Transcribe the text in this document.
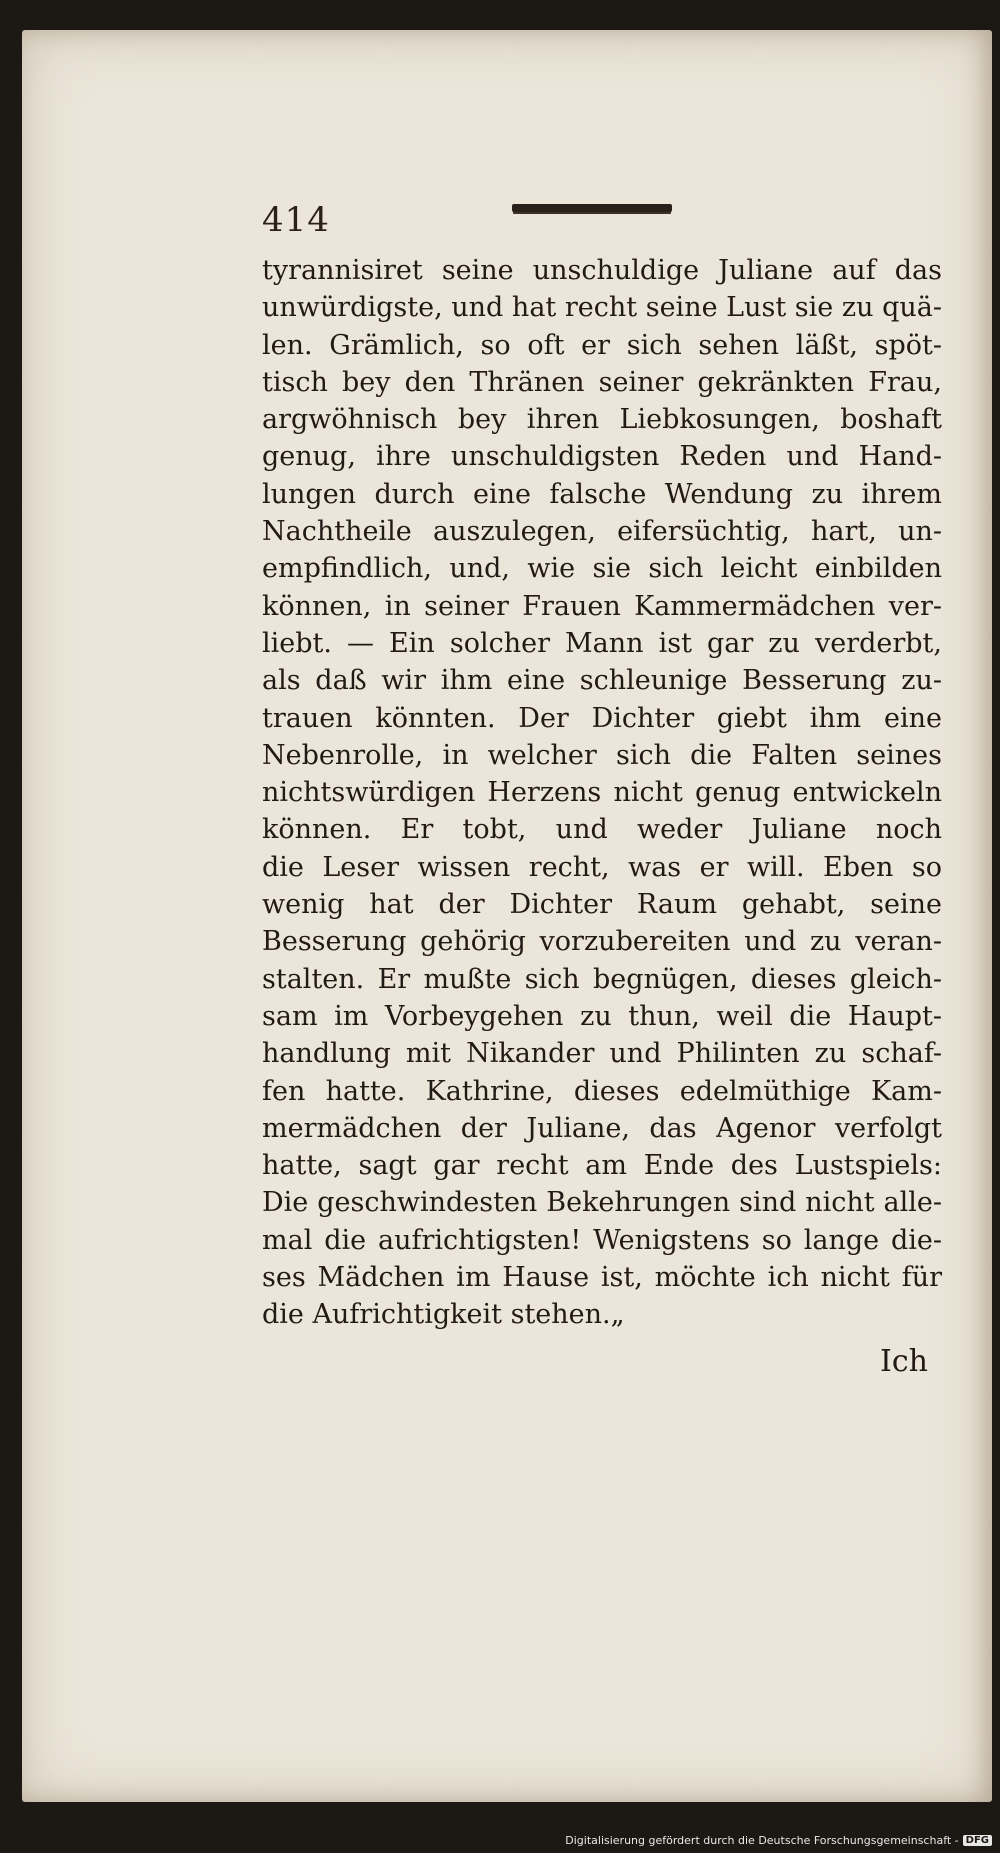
414
tyrannisiret seine unschuldige Juliane auf das
unwürdigste, und hat recht seine Lust sie zu quä-
len. Grämlich, so oft er sich sehen läßt, spöt-
tisch bey den Thränen seiner gekränkten Frau,
argwöhnisch bey ihren Liebkosungen, boshaft
genug, ihre unschuldigsten Reden und Hand-
lungen durch eine falsche Wendung zu ihrem
Nachtheile auszulegen, eifersüchtig, hart, un-
empfindlich, und, wie sie sich leicht einbilden
können, in seiner Frauen Kammermädchen ver-
liebt. — Ein solcher Mann ist gar zu verderbt,
als daß wir ihm eine schleunige Besserung zu-
trauen könnten. Der Dichter giebt ihm eine
Nebenrolle, in welcher sich die Falten seines
nichtswürdigen Herzens nicht genug entwickeln
können. Er tobt, und weder Juliane noch
die Leser wissen recht, was er will. Eben so
wenig hat der Dichter Raum gehabt, seine
Besserung gehörig vorzubereiten und zu veran-
stalten. Er mußte sich begnügen, dieses gleich-
sam im Vorbeygehen zu thun, weil die Haupt-
handlung mit Nikander und Philinten zu schaf-
fen hatte. Kathrine, dieses edelmüthige Kam-
mermädchen der Juliane, das Agenor verfolgt
hatte, sagt gar recht am Ende des Lustspiels:
Die geschwindesten Bekehrungen sind nicht alle-
mal die aufrichtigsten! Wenigstens so lange die-
ses Mädchen im Hause ist, möchte ich nicht für
die Aufrichtigkeit stehen.„
Ich
Digitalisierung gefördert durch die Deutsche Forschungsgemeinschaft - DFG
